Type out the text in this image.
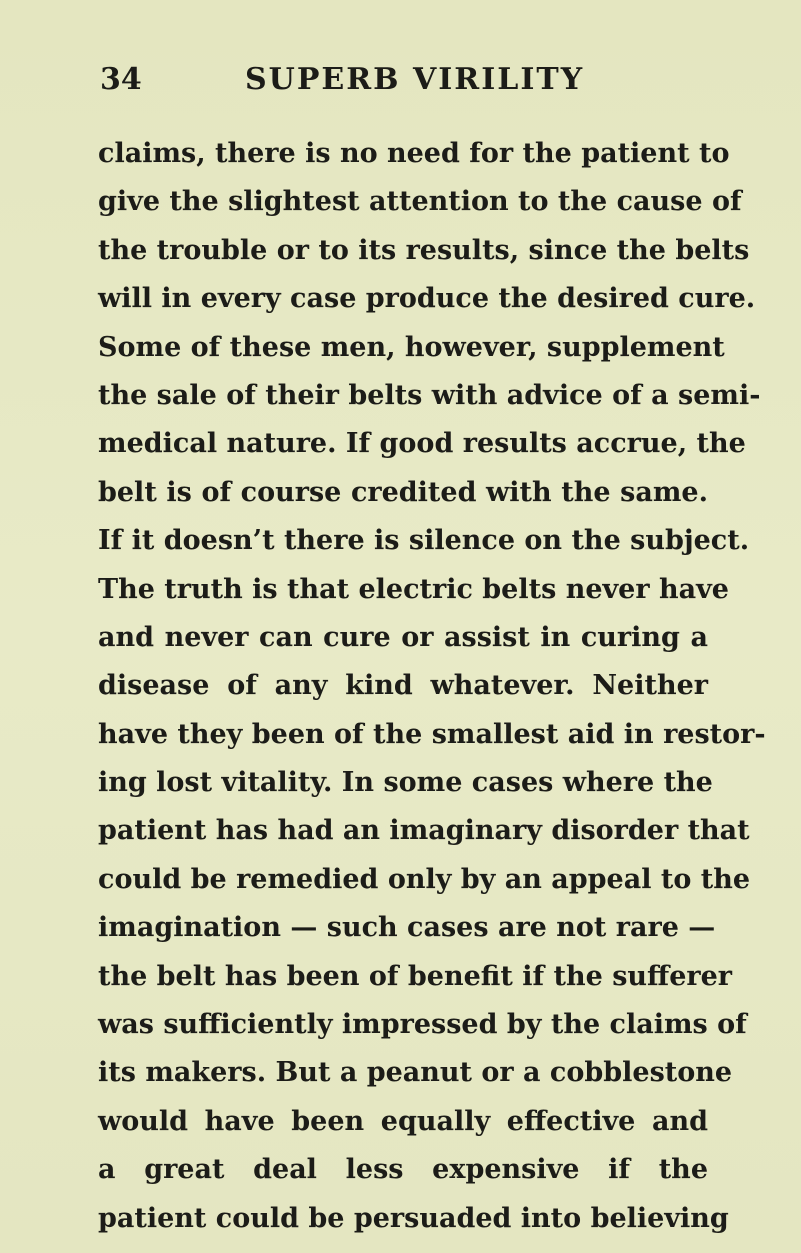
34	SUPERB VIRILITY
claims, there is no need for the patient to
give the slightest attention to the cause of
the trouble or to its results, since the belts
will in every case produce the desired cure.
Some of these men, however, supplement
the sale of their belts with advice of a semi-
medical nature. If good results accrue, the
belt is of course credited with the same.
If it doesn’t there is silence on the subject.
The truth is that electric belts never have
and never can cure or assist in curing a
disease of any kind whatever. Neither
have they been of the smallest aid in restor-
ing lost vitality. In some cases where the
patient has had an imaginary disorder that
could be remedied only by an appeal to the
imagination — such cases are not rare —
the belt has been of benefit if the sufferer
was sufficiently impressed by the claims of
its makers. But a peanut or a cobblestone
would have been equally effective and
a great deal less expensive if the
patient could be persuaded into believing
